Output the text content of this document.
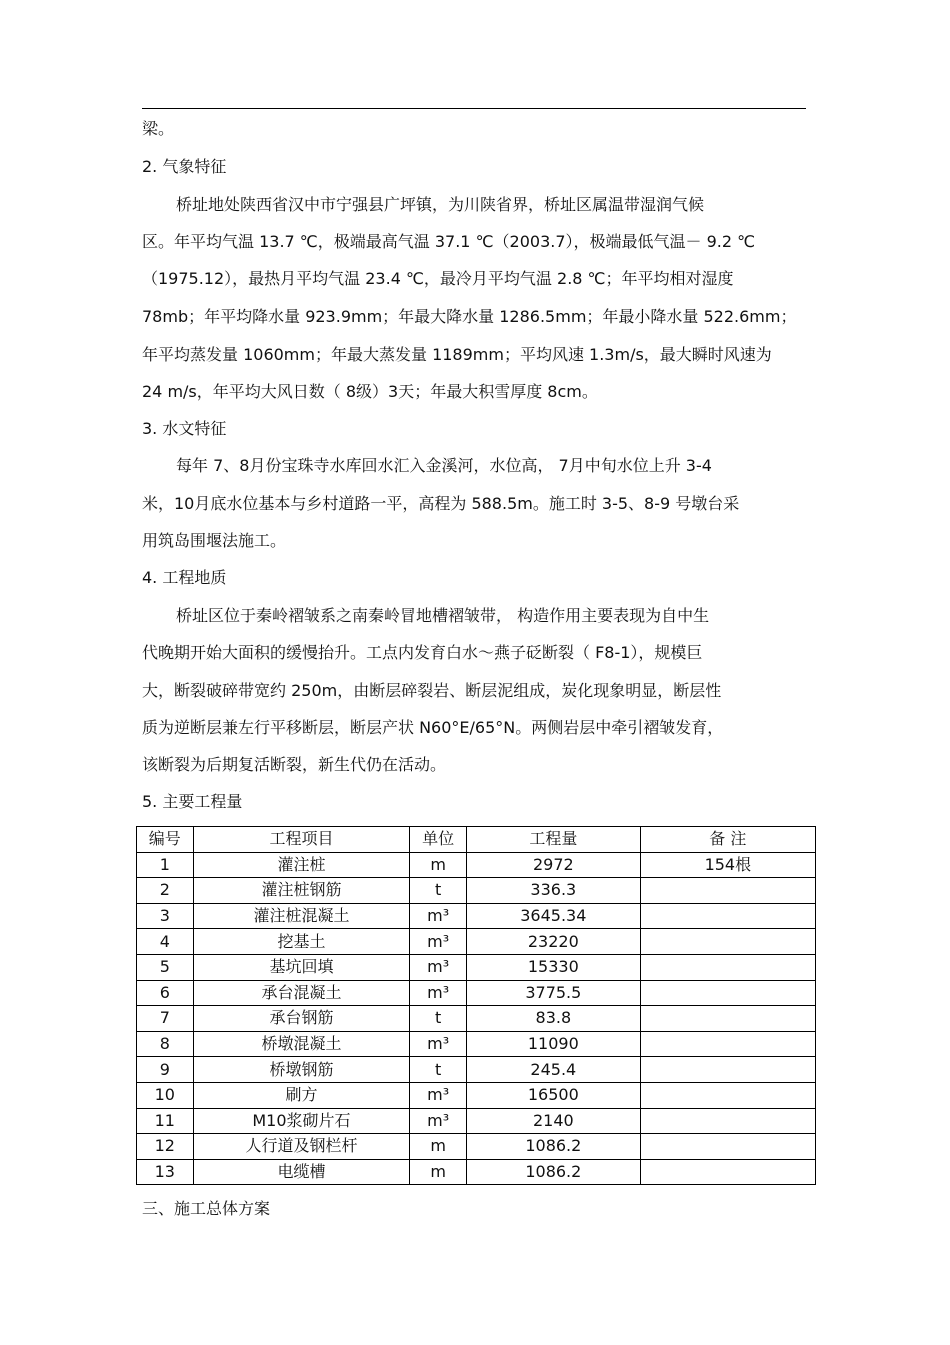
梁。
2. 气象特征
桥址地处陕西省汉中市宁强县广坪镇，为川陕省界，桥址区属温带湿润气候
区。年平均气温 13.7 ℃，极端最高气温 37.1 ℃（2003.7），极端最低气温－ 9.2 ℃
（1975.12），最热月平均气温 23.4 ℃，最冷月平均气温 2.8 ℃；年平均相对湿度
78mb；年平均降水量 923.9mm；年最大降水量 1286.5mm；年最小降水量 522.6mm；
年平均蒸发量 1060mm；年最大蒸发量 1189mm；平均风速 1.3m/s，最大瞬时风速为
24 m/s，年平均大风日数（ 8级）3天；年最大积雪厚度 8cm。
3. 水文特征
每年 7、8月份宝珠寺水库回水汇入金溪河，水位高， 7月中旬水位上升 3-4
米，10月底水位基本与乡村道路一平，高程为 588.5m。施工时 3-5、8-9 号墩台采
用筑岛围堰法施工。
4. 工程地质
桥址区位于秦岭褶皱系之南秦岭冒地槽褶皱带， 构造作用主要表现为自中生
代晚期开始大面积的缓慢抬升。工点内发育白水～燕子砭断裂（ F8-1），规模巨
大，断裂破碎带宽约 250m，由断层碎裂岩、断层泥组成，炭化现象明显，断层性
质为逆断层兼左行平移断层，断层产状 N60°E/65°N。两侧岩层中牵引褶皱发育，
该断裂为后期复活断裂，新生代仍在活动。
5. 主要工程量
编号	工程项目	单位	工程量	备 注
1	灌注桩	m	2972	154根
2	灌注桩钢筋	t	336.3	
3	灌注桩混凝土	m³	3645.34	
4	挖基土	m³	23220	
5	基坑回填	m³	15330	
6	承台混凝土	m³	3775.5	
7	承台钢筋	t	83.8	
8	桥墩混凝土	m³	11090	
9	桥墩钢筋	t	245.4	
10	刷方	m³	16500	
11	M10浆砌片石	m³	2140	
12	人行道及钢栏杆	m	1086.2	
13	电缆槽	m	1086.2	
三、施工总体方案
